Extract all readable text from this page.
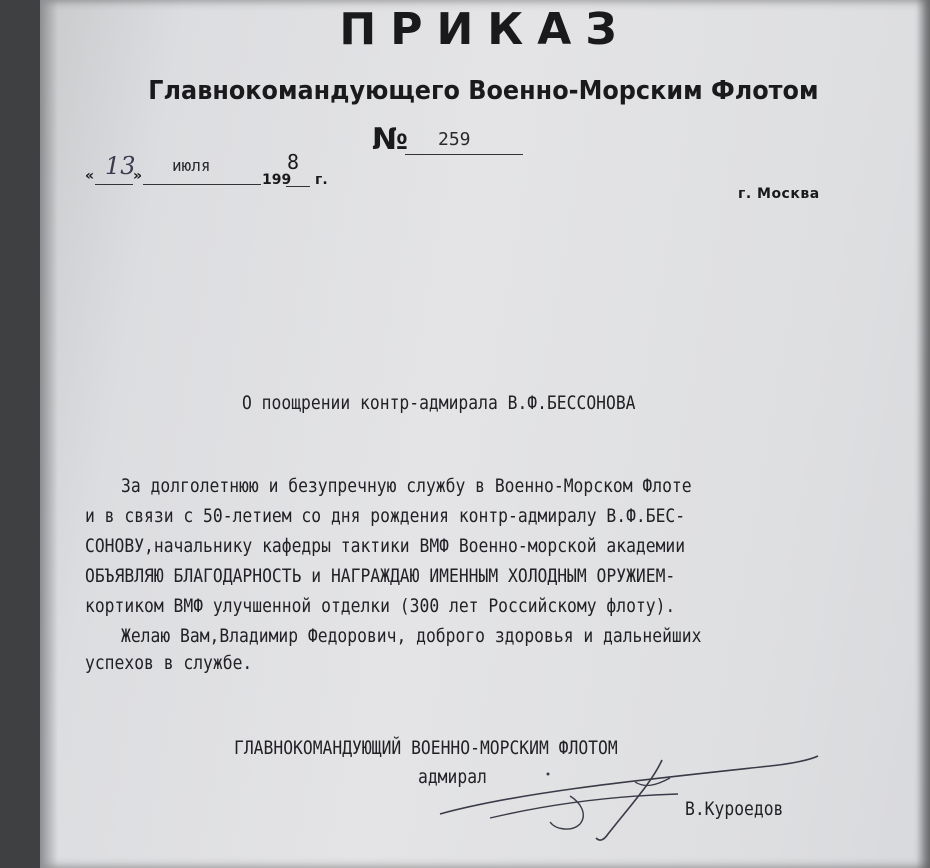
ПРИКАЗ
Главнокомандующего Военно-Морским Флотом
№ 259
« 13
»
июля
199
8
г.
г. Москва
О поощрении контр-адмирала В.Ф.БЕССОНОВА
За долголетнюю и безупречную службу в Военно-Морском Флоте
и в связи с 50-летием со дня рождения контр-адмиралу В.Ф.БЕС-
СОНОВУ,начальнику кафедры тактики ВМФ Военно-морской академии
ОБЪЯВЛЯЮ БЛАГОДАРНОСТЬ и НАГРАЖДАЮ ИМЕННЫМ ХОЛОДНЫМ ОРУЖИЕМ-
кортиком ВМФ улучшенной отделки (300 лет Российскому флоту).
Желаю Вам,Владимир Федорович, доброго здоровья и дальнейших
успехов в службе.
ГЛАВНОКОМАНДУЮЩИЙ ВОЕННО-МОРСКИМ ФЛОТОМ
адмирал
В.Куроедов
